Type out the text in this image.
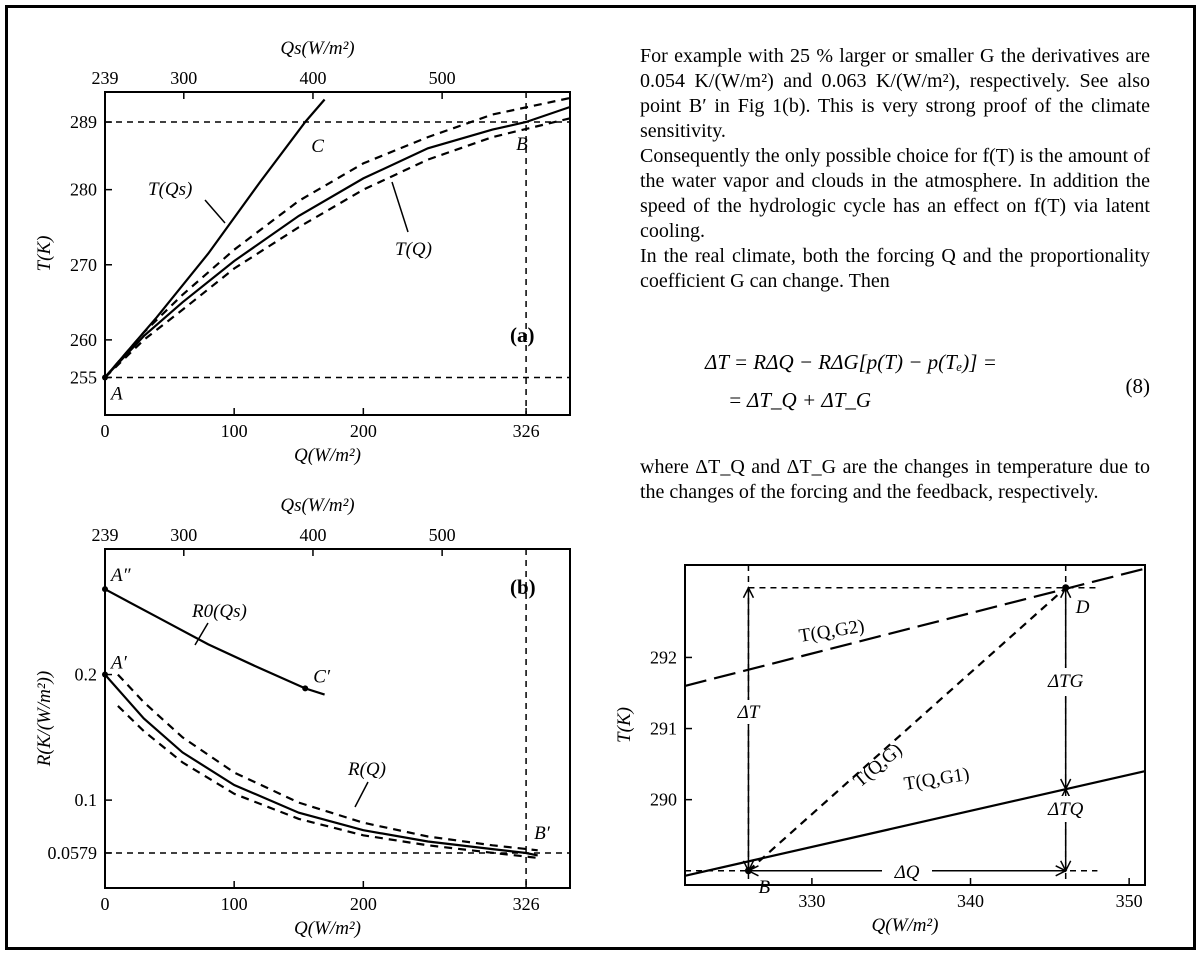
0	100	200	326
255
260
270
280
289
239	300	400	500
Qs(W/m²)
Q(W/m²)
T(K)
(a)
A
B
C
T(Qs)
T(Q)
0	100	200	326
0.0579
0.1
0.2
239	300	400	500
Qs(W/m²)
Q(W/m²)
R(K/(W/m²))
(b)
A″
A′
B′
C′
R0(Qs)
R(Q)
330	340	350
290
291
292
Q(W/m²)
T(K)
B
D
T(Q,G2)
T(Q,G)
T(Q,G1)
ΔT
ΔTG
ΔTQ
ΔQ

For example with 25 % larger or smaller G the derivatives are 0.054 K/(W/m²) and 0.063 K/(W/m²), respectively. See also point B′ in Fig 1(b). This is very strong proof of the climate sensitivity.

Consequently the only possible choice for f(T) is the amount of the water vapor and clouds in the atmosphere. In addition the speed of the hydrologic cycle has an effect on f(T) via latent cooling.

In the real climate, both the forcing Q and the proportionality coefficient G can change. Then

ΔT = RΔQ − RΔG[p(T) − p(Tₑ)] =
= ΔT_Q + ΔT_G
(8)

where ΔT_Q and ΔT_G are the changes in temperature due to the changes of the forcing and the feedback, respectively.
